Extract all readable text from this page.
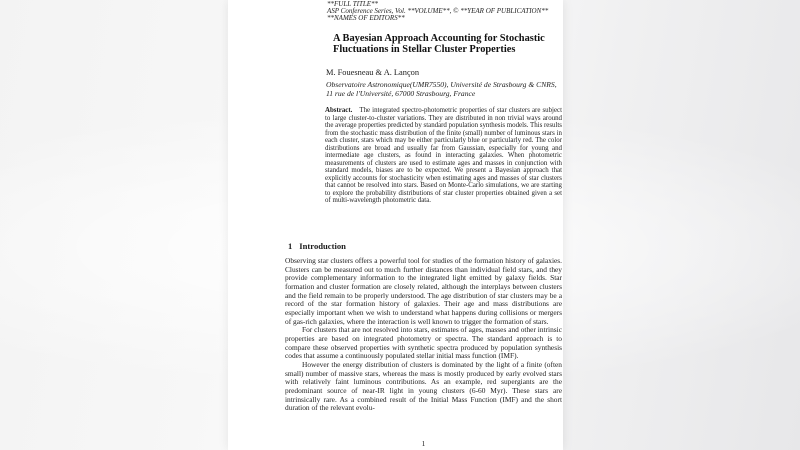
**FULL TITLE**
ASP Conference Series, Vol. **VOLUME**, © **YEAR OF PUBLICATION**
**NAMES OF EDITORS**
A Bayesian Approach Accounting for Stochastic Fluctuations in Stellar Cluster Properties
M. Fouesneau & A. Lançon
Observatoire Astronomique(UMR7550), Université de Strasbourg & CNRS, 11 rue de l'Université, 67000 Strasbourg, France
Abstract. The integrated spectro-photometric properties of star clusters are subject to large cluster-to-cluster variations. They are distributed in non trivial ways around the average properties predicted by standard population synthesis models. This results from the stochastic mass distribution of the finite (small) number of luminous stars in each cluster, stars which may be either particularly blue or particularly red. The color distributions are broad and usually far from Gaussian, especially for young and intermediate age clusters, as found in interacting galaxies. When photometric measurements of clusters are used to estimate ages and masses in conjunction with standard models, biases are to be expected. We present a Bayesian approach that explicitly accounts for stochasticity when estimating ages and masses of star clusters that cannot be resolved into stars. Based on Monte-Carlo simulations, we are starting to explore the probability distributions of star cluster properties obtained given a set of multi-wavelength photometric data.
1 Introduction

Observing star clusters offers a powerful tool for studies of the formation history of galaxies. Clusters can be measured out to much further distances than individual field stars, and they provide complementary information to the integrated light emitted by galaxy fields. Star formation and cluster formation are closely related, although the interplays between clusters and the field remain to be properly understood. The age distribution of star clusters may be a record of the star formation history of galaxies. Their age and mass distributions are especially important when we wish to understand what happens during collisions or mergers of gas-rich galaxies, where the interaction is well known to trigger the formation of stars.

For clusters that are not resolved into stars, estimates of ages, masses and other intrinsic properties are based on integrated photometry or spectra. The standard approach is to compare these observed properties with synthetic spectra produced by population synthesis codes that assume a continuously populated stellar initial mass function (IMF).

However the energy distribution of clusters is dominated by the light of a finite (often small) number of massive stars, whereas the mass is mostly produced by early evolved stars with relatively faint luminous contributions. As an example, red supergiants are the predominant source of near-IR light in young clusters (6-60 Myr). These stars are intrinsically rare. As a combined result of the Initial Mass Function (IMF) and the short duration of the relevant evolu-

1
